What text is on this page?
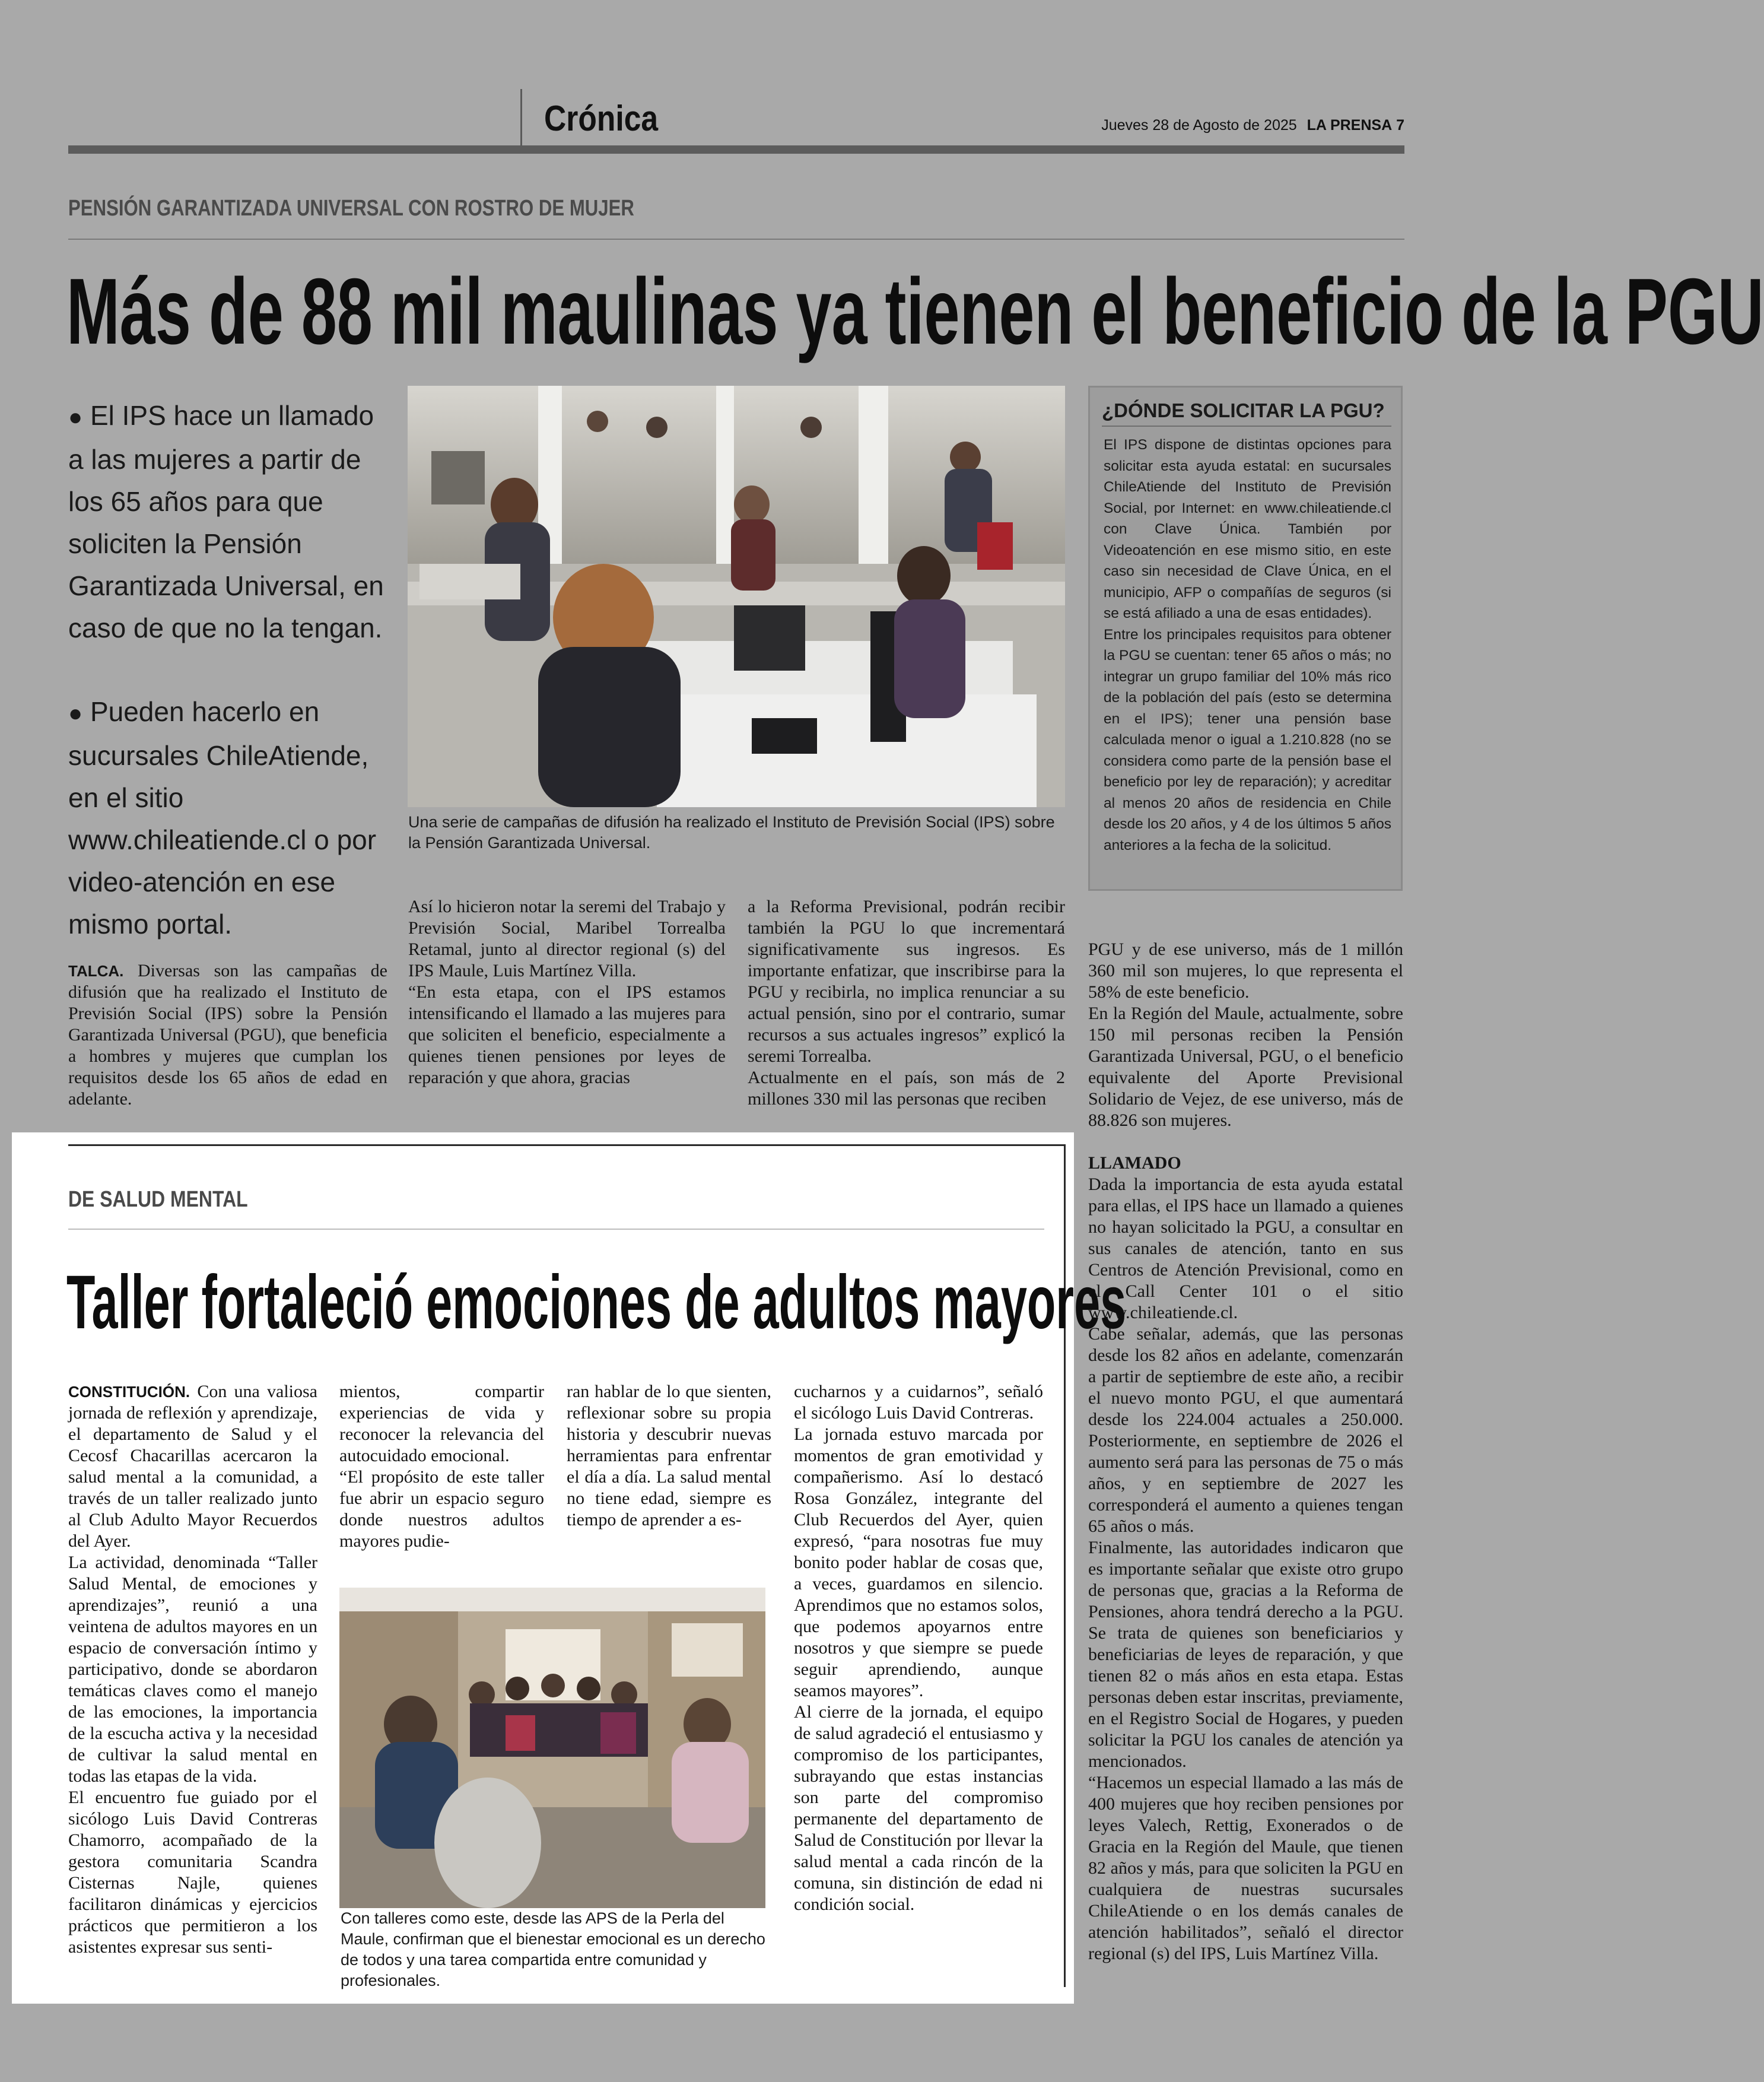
Crónica	Jueves 28 de Agosto de 2025 LA PRENSA 7
PENSIÓN GARANTIZADA UNIVERSAL CON ROSTRO DE MUJER
Más de 88 mil maulinas ya tienen el beneficio de la PGU
● El IPS hace un llamado a las mujeres a partir de los 65 años para que soliciten la Pensión Garantizada Universal, en caso de que no la tengan.
● Pueden hacerlo en sucursales ChileAtiende, en el sitio www.chileatiende.cl o por video-atención en ese mismo portal.
Una serie de campañas de difusión ha realizado el Instituto de Previsión Social (IPS) sobre la Pensión Garantizada Universal.
¿DÓNDE SOLICITAR LA PGU?
El IPS dispone de distintas opciones para solicitar esta ayuda estatal: en sucursales ChileAtiende del Instituto de Previsión Social, por Internet: en www.chileatiende.cl con Clave Única. También por Videoatención en ese mismo sitio, en este caso sin necesidad de Clave Única, en el municipio, AFP o compañías de seguros (si se está afiliado a una de esas entidades).
Entre los principales requisitos para obtener la PGU se cuentan: tener 65 años o más; no integrar un grupo familiar del 10% más rico de la población del país (esto se determina en el IPS); tener una pensión base calculada menor o igual a 1.210.828 (no se considera como parte de la pensión base el beneficio por ley de reparación); y acreditar al menos 20 años de residencia en Chile desde los 20 años, y 4 de los últimos 5 años anteriores a la fecha de la solicitud.

TALCA. Diversas son las campañas de difusión que ha realizado el Instituto de Previsión Social (IPS) sobre la Pensión Garantizada Universal (PGU), que beneficia a hombres y mujeres que cumplan los requisitos desde los 65 años de edad en adelante.

Así lo hicieron notar la seremi del Trabajo y Previsión Social, Maribel Torrealba Retamal, junto al director regional (s) del IPS Maule, Luis Martínez Villa.

“En esta etapa, con el IPS estamos intensificando el llamado a las mujeres para que soliciten el beneficio, especialmente a quienes tienen pensiones por leyes de reparación y que ahora, gracias

a la Reforma Previsional, podrán recibir también la PGU lo que incrementará significativamente sus ingresos. Es importante enfatizar, que inscribirse para la PGU y recibirla, no implica renunciar a su actual pensión, sino por el contrario, sumar recursos a sus actuales ingresos” explicó la seremi Torrealba.

Actualmente en el país, son más de 2 millones 330 mil las personas que reciben

PGU y de ese universo, más de 1 millón 360 mil son mujeres, lo que representa el 58% de este beneficio.

En la Región del Maule, actualmente, sobre 150 mil personas reciben la Pensión Garantizada Universal, PGU, o el beneficio equivalente del Aporte Previsional Solidario de Vejez, de ese universo, más de 88.826 son mujeres.

LLAMADO

Dada la importancia de esta ayuda estatal para ellas, el IPS hace un llamado a quienes no hayan solicitado la PGU, a consultar en sus canales de atención, tanto en sus Centros de Atención Previsional, como en el Call Center 101 o el sitio www.chileatiende.cl.

Cabe señalar, además, que las personas desde los 82 años en adelante, comenzarán a partir de septiembre de este año, a recibir el nuevo monto PGU, el que aumentará desde los 224.004 actuales a 250.000. Posteriormente, en septiembre de 2026 el aumento será para las personas de 75 o más años, y en septiembre de 2027 les corresponderá el aumento a quienes tengan 65 años o más.

Finalmente, las autoridades indicaron que es importante señalar que existe otro grupo de personas que, gracias a la Reforma de Pensiones, ahora tendrá derecho a la PGU. Se trata de quienes son beneficiarios y beneficiarias de leyes de reparación, y que tienen 82 o más años en esta etapa. Estas personas deben estar inscritas, previamente, en el Registro Social de Hogares, y pueden solicitar la PGU los canales de atención ya mencionados.

“Hacemos un especial llamado a las más de 400 mujeres que hoy reciben pensiones por leyes Valech, Rettig, Exonerados o de Gracia en la Región del Maule, que tienen 82 años y más, para que soliciten la PGU en cualquiera de nuestras sucursales ChileAtiende o en los demás canales de atención habilitados”, señaló el director regional (s) del IPS, Luis Martínez Villa.

DE SALUD MENTAL
Taller fortaleció emociones de adultos mayores

CONSTITUCIÓN. Con una valiosa jornada de reflexión y aprendizaje, el departamento de Salud y el Cecosf Chacarillas acercaron la salud mental a la comunidad, a través de un taller realizado junto al Club Adulto Mayor Recuerdos del Ayer.

La actividad, denominada “Taller Salud Mental, de emociones y aprendizajes”, reunió a una veintena de adultos mayores en un espacio de conversación íntimo y participativo, donde se abordaron temáticas claves como el manejo de las emociones, la importancia de la escucha activa y la necesidad de cultivar la salud mental en todas las etapas de la vida.

El encuentro fue guiado por el sicólogo Luis David Contreras Chamorro, acompañado de la gestora comunitaria Scandra Cisternas Najle, quienes facilitaron dinámicas y ejercicios prácticos que permitieron a los asistentes expresar sus senti-

mientos, compartir experiencias de vida y reconocer la relevancia del autocuidado emocional.

“El propósito de este taller fue abrir un espacio seguro donde nuestros adultos mayores pudie-

ran hablar de lo que sienten, reflexionar sobre su propia historia y descubrir nuevas herramientas para enfrentar el día a día. La salud mental no tiene edad, siempre es tiempo de aprender a es-

Con talleres como este, desde las APS de la Perla del Maule, confirman que el bienestar emocional es un derecho de todos y una tarea compartida entre comunidad y profesionales.

cucharnos y a cuidarnos”, señaló el sicólogo Luis David Contreras.

La jornada estuvo marcada por momentos de gran emotividad y compañerismo. Así lo destacó Rosa González, integrante del Club Recuerdos del Ayer, quien expresó, “para nosotras fue muy bonito poder hablar de cosas que, a veces, guardamos en silencio. Aprendimos que no estamos solos, que podemos apoyarnos entre nosotros y que siempre se puede seguir aprendiendo, aunque seamos mayores”.

Al cierre de la jornada, el equipo de salud agradeció el entusiasmo y compromiso de los participantes, subrayando que estas instancias son parte del compromiso permanente del departamento de Salud de Constitución por llevar la salud mental a cada rincón de la comuna, sin distinción de edad ni condición social.
